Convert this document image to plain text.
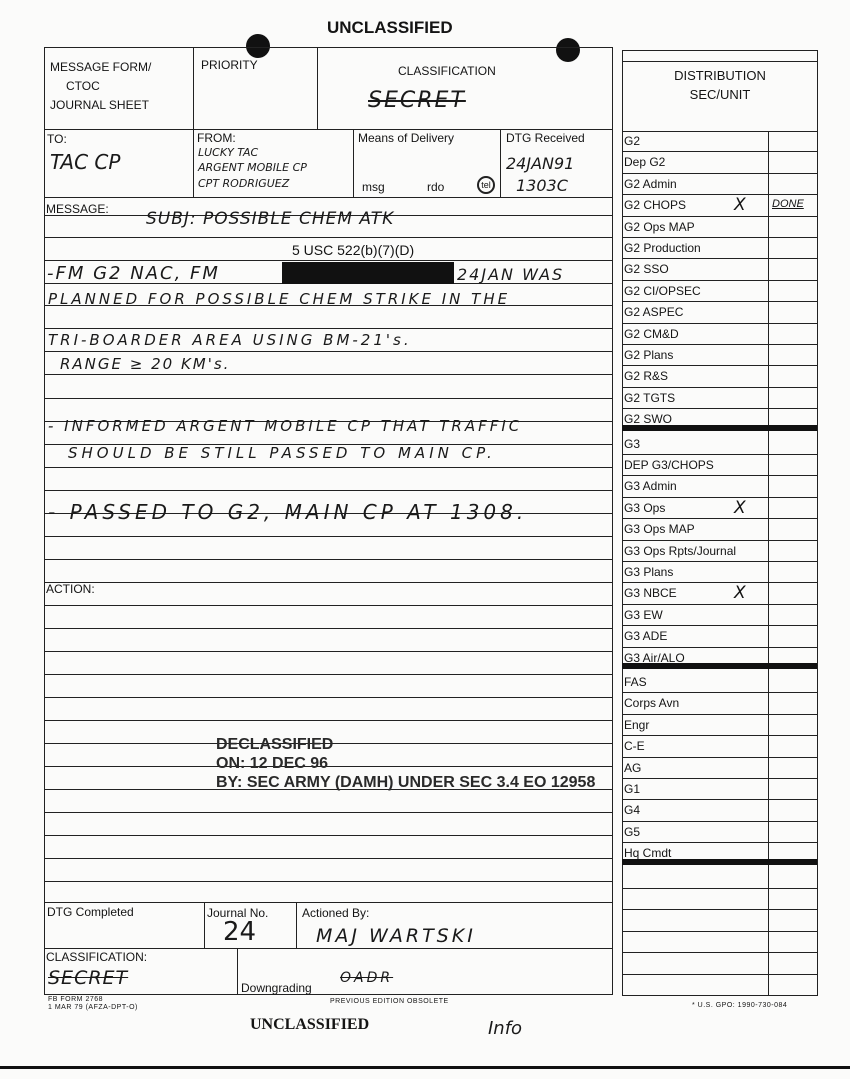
UNCLASSIFIED
MESSAGE FORM/
CTOC
JOURNAL SHEET
PRIORITY	CLASSIFICATION
SECRET
TO:
TAC CP
FROM:
LUCKY TAC
ARGENT MOBILE CP
CPT RODRIGUEZ
Means of Delivery
msg	rdo	tel
DTG Received
24JAN91
1303C
MESSAGE: SUBJ: POSSIBLE CHEM ATK
5 USC 522(b)(7)(D)
-FM G2 NAC, FM	24JAN WAS
PLANNED FOR POSSIBLE CHEM STRIKE IN THE
TRI-BOARDER AREA USING BM-21's.
RANGE ≥ 20 KM's.
- INFORMED ARGENT MOBILE CP THAT TRAFFIC
SHOULD BE STILL PASSED TO MAIN CP.
- PASSED TO G2, MAIN CP AT 1308.
ACTION:
DECLASSIFIED
ON: 12 DEC 96
BY: SEC ARMY (DAMH) UNDER SEC 3.4 EO 12958
DTG Completed	Journal No.
24
Actioned By:
MAJ WARTSKI
CLASSIFICATION:
SECRET	Downgrading
OADR
FB FORM 2768
1 MAR 79 (AFZA-DPT-O)
PREVIOUS EDITION OBSOLETE
* U.S. GPO: 1990-730-084
UNCLASSIFIED	Info
DISTRIBUTION
SEC/UNIT
G2
Dep G2
G2 Admin
G2 CHOPS	X DONE
G2 Ops MAP
G2 Production
G2 SSO
G2 CI/OPSEC
G2 ASPEC
G2 CM&D
G2 Plans
G2 R&S
G2 TGTS
G2 SWO
G3
DEP G3/CHOPS
G3 Admin
G3 Ops	X
G3 Ops MAP
G3 Ops Rpts/Journal
G3 Plans
G3 NBCE	X
G3 EW
G3 ADE
G3 Air/ALO
FAS
Corps Avn
Engr
C-E
AG
G1
G4
G5
Hq Cmdt
